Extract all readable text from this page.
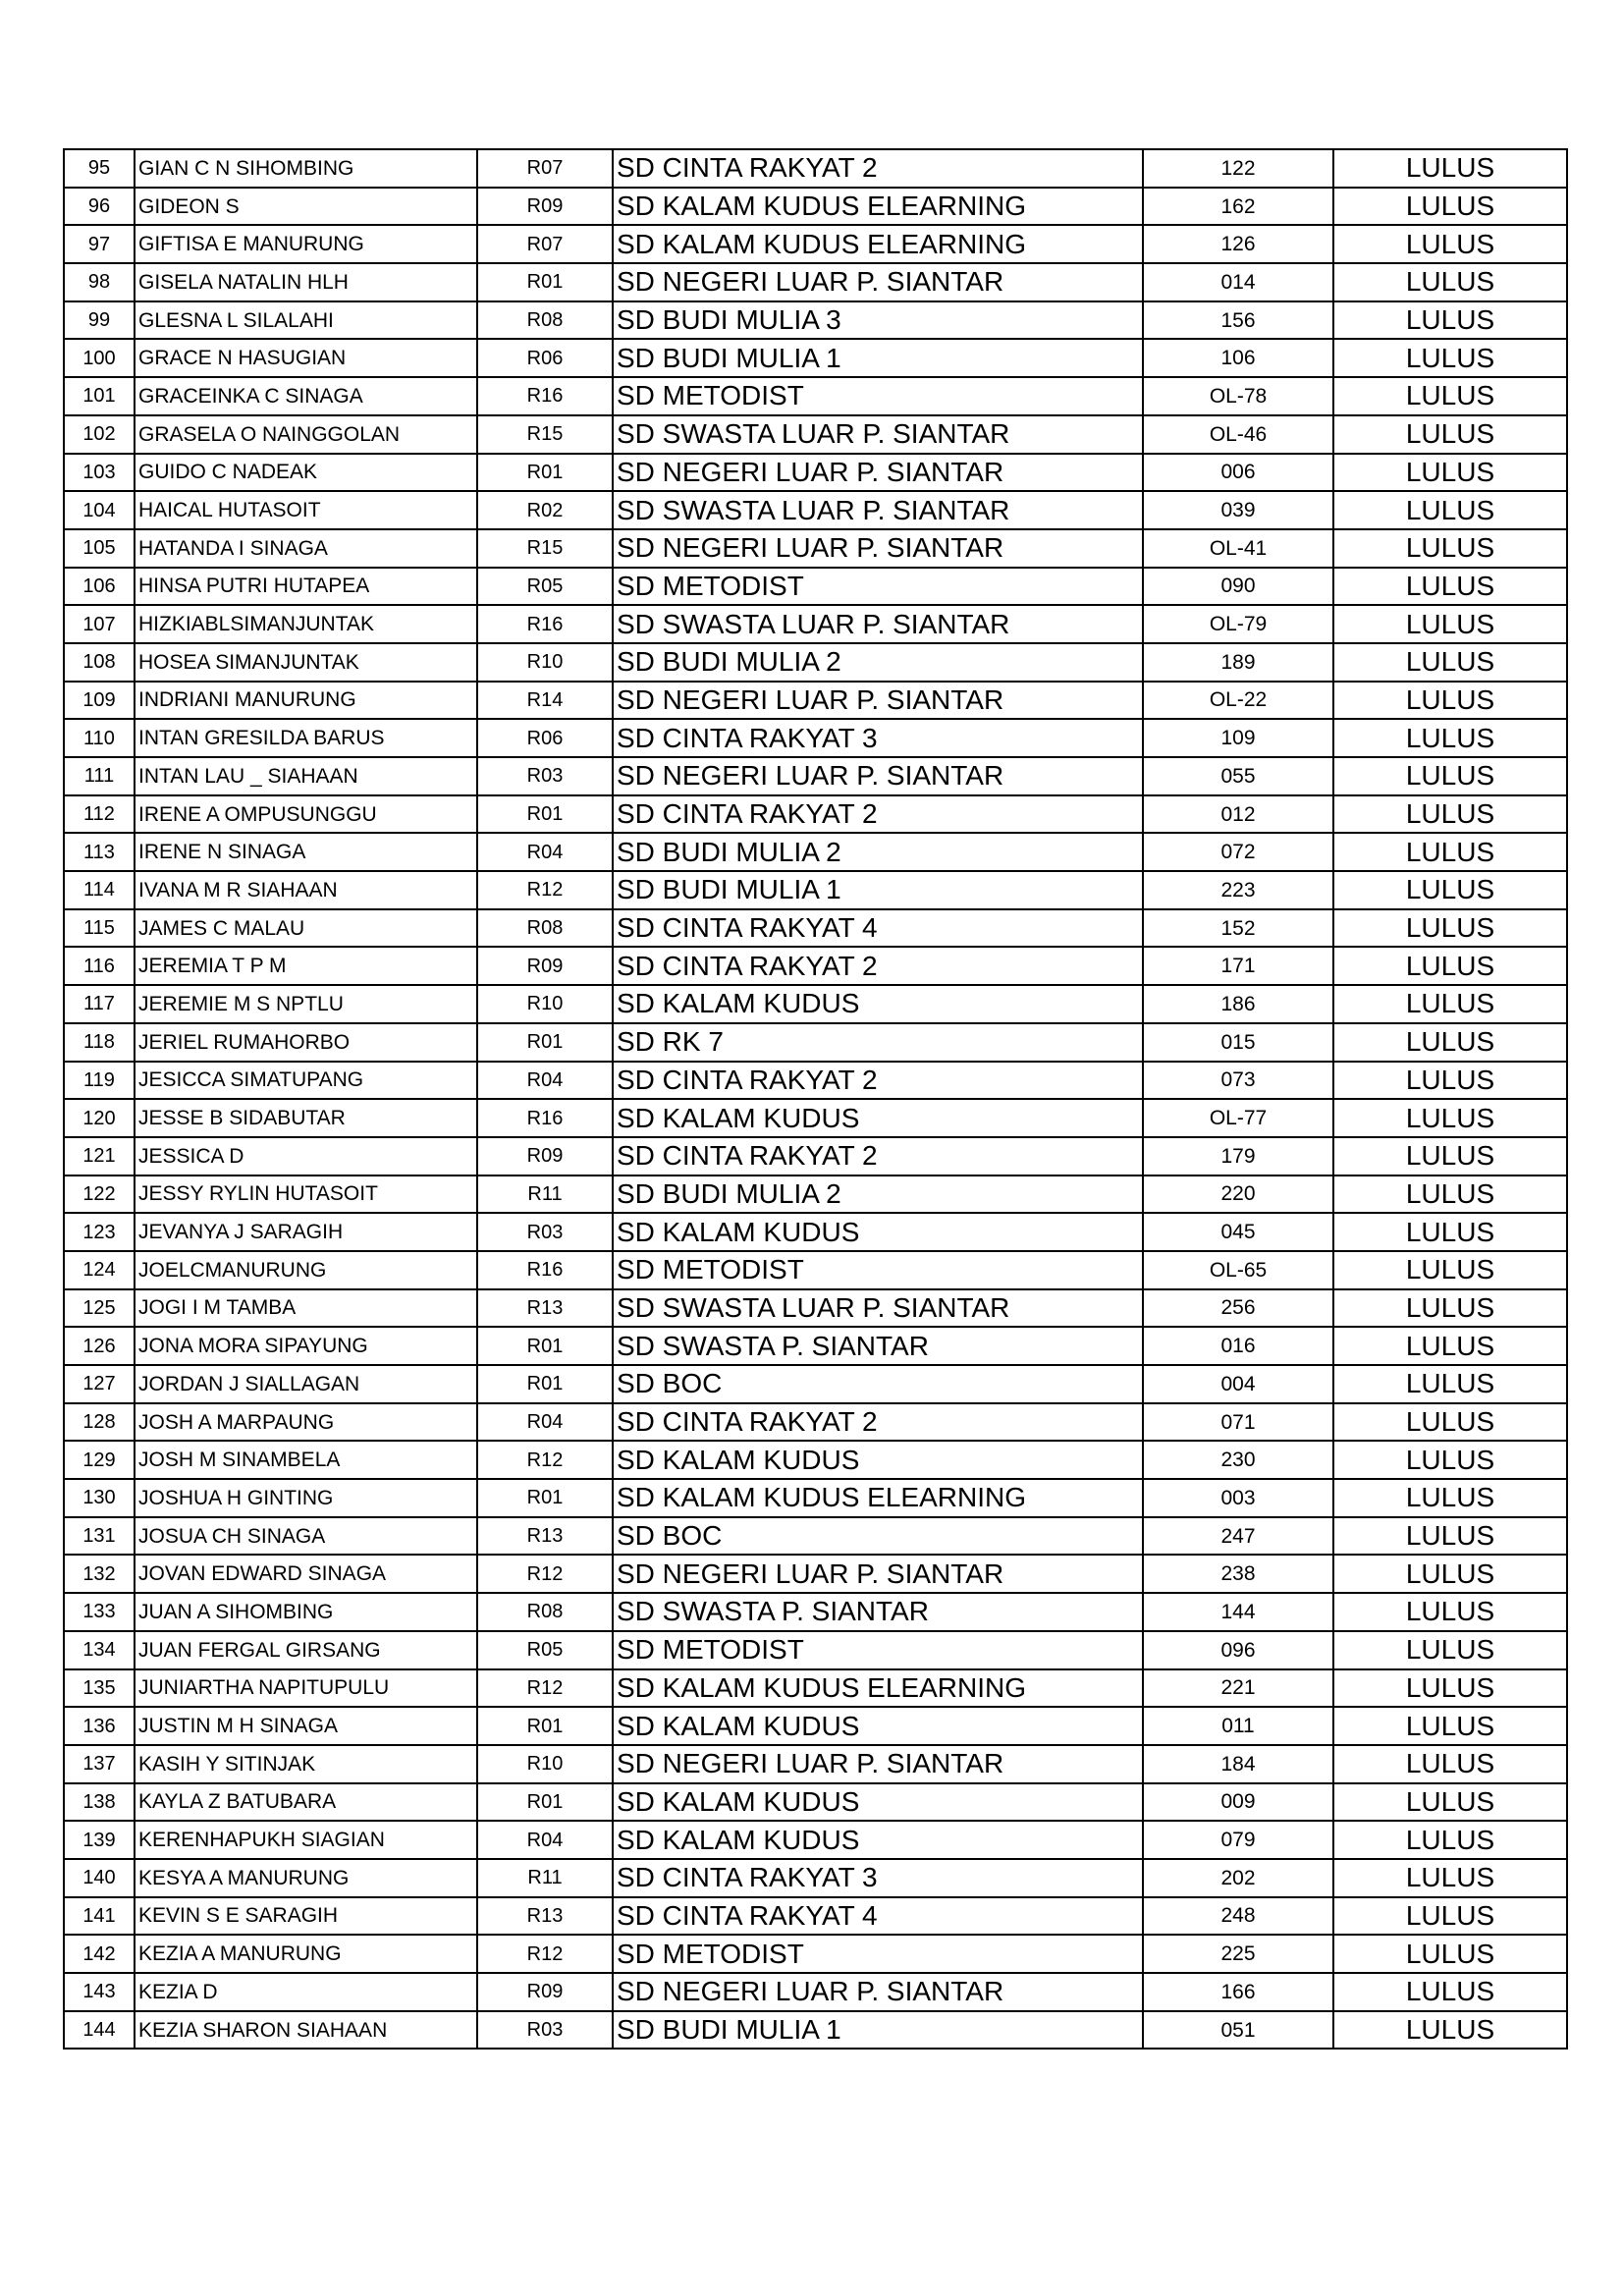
95	GIAN C N SIHOMBING	R07	SD CINTA RAKYAT 2	122	LULUS
96	GIDEON S	R09	SD KALAM KUDUS ELEARNING	162	LULUS
97	GIFTISA E MANURUNG	R07	SD KALAM KUDUS ELEARNING	126	LULUS
98	GISELA NATALIN HLH	R01	SD NEGERI LUAR P. SIANTAR	014	LULUS
99	GLESNA L SILALAHI	R08	SD BUDI MULIA 3	156	LULUS
100	GRACE N HASUGIAN	R06	SD BUDI MULIA 1	106	LULUS
101	GRACEINKA C SINAGA	R16	SD METODIST	OL-78	LULUS
102	GRASELA O NAINGGOLAN	R15	SD SWASTA LUAR P. SIANTAR	OL-46	LULUS
103	GUIDO C NADEAK	R01	SD NEGERI LUAR P. SIANTAR	006	LULUS
104	HAICAL HUTASOIT	R02	SD SWASTA LUAR P. SIANTAR	039	LULUS
105	HATANDA I SINAGA	R15	SD NEGERI LUAR P. SIANTAR	OL-41	LULUS
106	HINSA PUTRI HUTAPEA	R05	SD METODIST	090	LULUS
107	HIZKIABLSIMANJUNTAK	R16	SD SWASTA LUAR P. SIANTAR	OL-79	LULUS
108	HOSEA SIMANJUNTAK	R10	SD BUDI MULIA 2	189	LULUS
109	INDRIANI MANURUNG	R14	SD NEGERI LUAR P. SIANTAR	OL-22	LULUS
110	INTAN GRESILDA BARUS	R06	SD CINTA RAKYAT 3	109	LULUS
111	INTAN LAU _ SIAHAAN	R03	SD NEGERI LUAR P. SIANTAR	055	LULUS
112	IRENE A OMPUSUNGGU	R01	SD CINTA RAKYAT 2	012	LULUS
113	IRENE N SINAGA	R04	SD BUDI MULIA 2	072	LULUS
114	IVANA M R SIAHAAN	R12	SD BUDI MULIA 1	223	LULUS
115	JAMES C MALAU	R08	SD CINTA RAKYAT 4	152	LULUS
116	JEREMIA T P M	R09	SD CINTA RAKYAT 2	171	LULUS
117	JEREMIE M S NPTLU	R10	SD KALAM KUDUS	186	LULUS
118	JERIEL RUMAHORBO	R01	SD RK 7	015	LULUS
119	JESICCA SIMATUPANG	R04	SD CINTA RAKYAT 2	073	LULUS
120	JESSE B SIDABUTAR	R16	SD KALAM KUDUS	OL-77	LULUS
121	JESSICA D	R09	SD CINTA RAKYAT 2	179	LULUS
122	JESSY RYLIN HUTASOIT	R11	SD BUDI MULIA 2	220	LULUS
123	JEVANYA J SARAGIH	R03	SD KALAM KUDUS	045	LULUS
124	JOELCMANURUNG	R16	SD METODIST	OL-65	LULUS
125	JOGI I M TAMBA	R13	SD SWASTA LUAR P. SIANTAR	256	LULUS
126	JONA MORA SIPAYUNG	R01	SD SWASTA P. SIANTAR	016	LULUS
127	JORDAN J SIALLAGAN	R01	SD BOC	004	LULUS
128	JOSH A MARPAUNG	R04	SD CINTA RAKYAT 2	071	LULUS
129	JOSH M SINAMBELA	R12	SD KALAM KUDUS	230	LULUS
130	JOSHUA H GINTING	R01	SD KALAM KUDUS ELEARNING	003	LULUS
131	JOSUA CH SINAGA	R13	SD BOC	247	LULUS
132	JOVAN EDWARD SINAGA	R12	SD NEGERI LUAR P. SIANTAR	238	LULUS
133	JUAN A SIHOMBING	R08	SD SWASTA P. SIANTAR	144	LULUS
134	JUAN FERGAL GIRSANG	R05	SD METODIST	096	LULUS
135	JUNIARTHA NAPITUPULU	R12	SD KALAM KUDUS ELEARNING	221	LULUS
136	JUSTIN M H SINAGA	R01	SD KALAM KUDUS	011	LULUS
137	KASIH Y SITINJAK	R10	SD NEGERI LUAR P. SIANTAR	184	LULUS
138	KAYLA Z BATUBARA	R01	SD KALAM KUDUS	009	LULUS
139	KERENHAPUKH SIAGIAN	R04	SD KALAM KUDUS	079	LULUS
140	KESYA A MANURUNG	R11	SD CINTA RAKYAT 3	202	LULUS
141	KEVIN S E SARAGIH	R13	SD CINTA RAKYAT 4	248	LULUS
142	KEZIA A MANURUNG	R12	SD METODIST	225	LULUS
143	KEZIA D	R09	SD NEGERI LUAR P. SIANTAR	166	LULUS
144	KEZIA SHARON SIAHAAN	R03	SD BUDI MULIA 1	051	LULUS
